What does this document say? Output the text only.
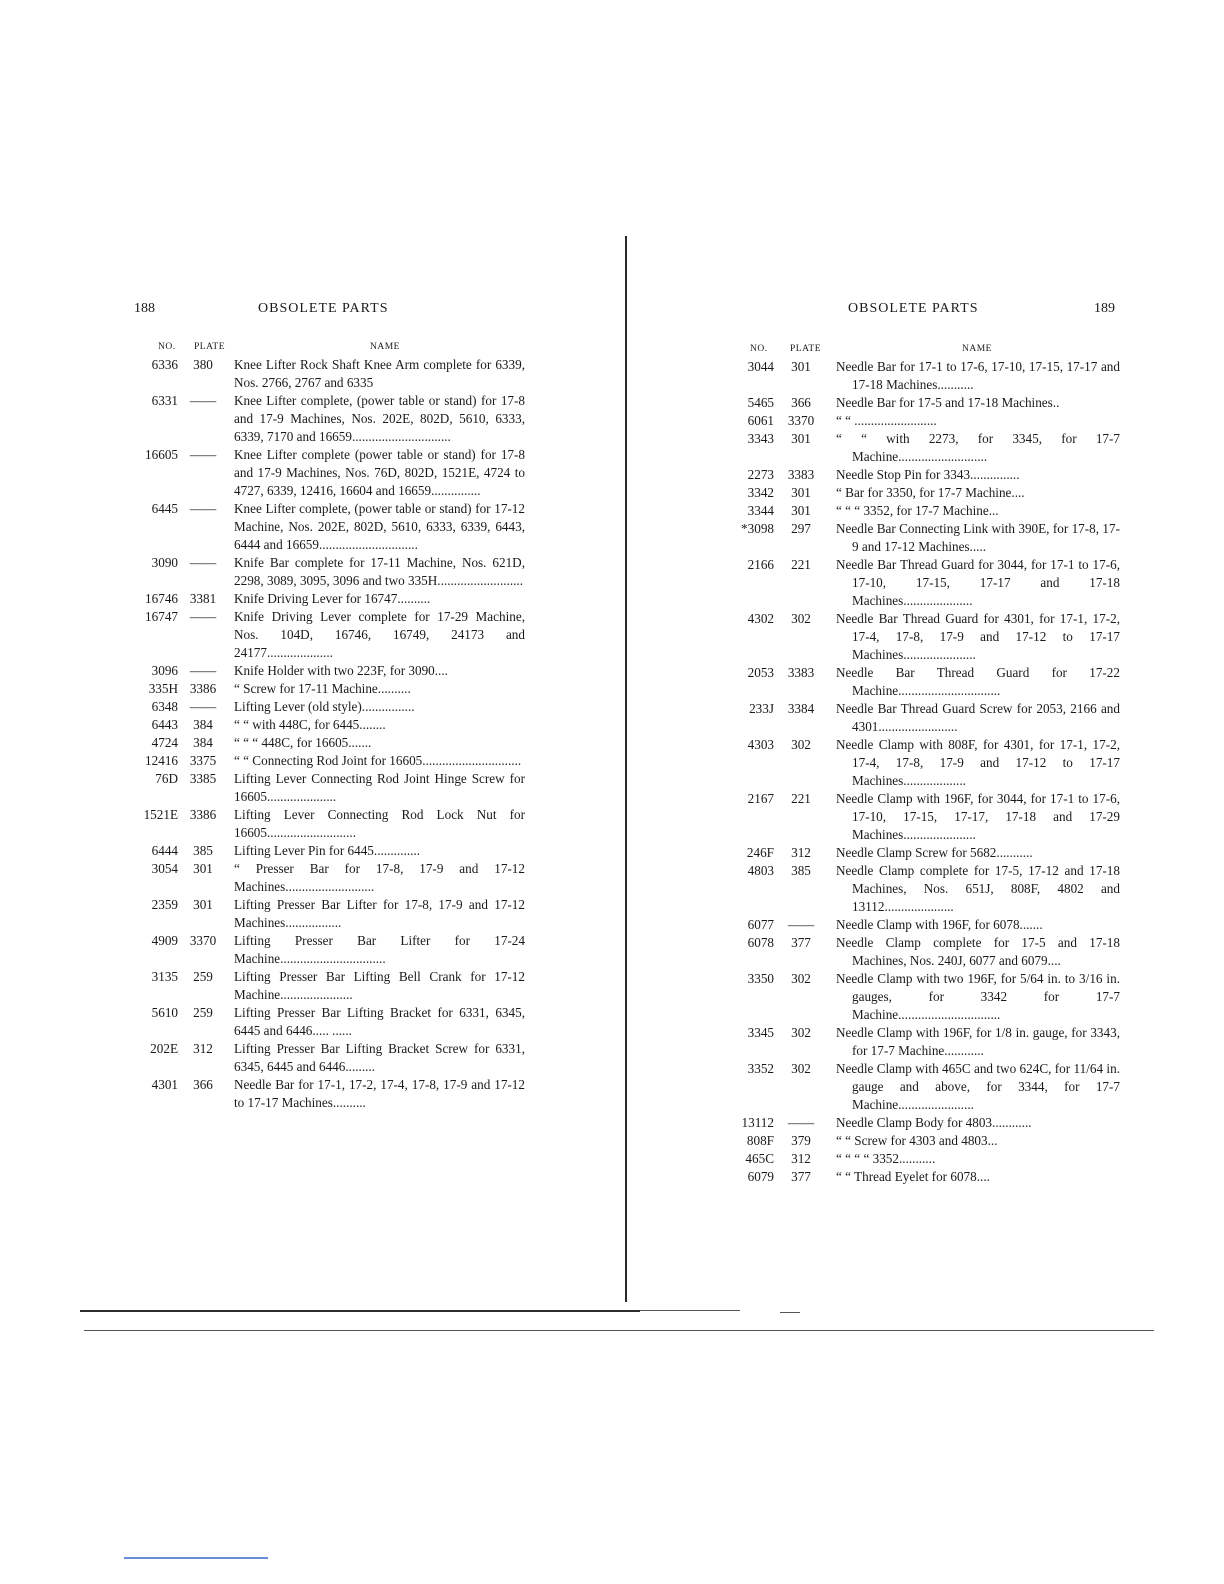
188	OBSOLETE PARTS
NO. PLATE	NAME
6336	380	Knee Lifter Rock Shaft Knee Arm complete for 6339, Nos. 2766, 2767 and 6335
6331 ——	Knee Lifter complete, (power table or stand) for 17-8 and 17-9 Machines, Nos. 202E, 802D, 5610, 6333, 6339, 7170 and 16659..............................
16605 ——	Knee Lifter complete (power table or stand) for 17-8 and 17-9 Machines, Nos. 76D, 802D, 1521E, 4724 to 4727, 6339, 12416, 16604 and 16659...............
6445 ——	Knee Lifter complete, (power table or stand) for 17-12 Machine, Nos. 202E, 802D, 5610, 6333, 6339, 6443, 6444 and 16659..............................
3090 ——	Knife Bar complete for 17-11 Machine, Nos. 621D, 2298, 3089, 3095, 3096 and two 335H..........................
16746 3381	Knife Driving Lever for 16747..........
16747 ——	Knife Driving Lever complete for 17-29 Machine, Nos. 104D, 16746, 16749, 24173 and 24177....................
3096 ——	Knife Holder with two 223F, for 3090....
335H 3386	“ Screw for 17-11 Machine..........
6348 ——	Lifting Lever (old style)................
6443	384	“ “ with 448C, for 6445........
4724	384	“ “ “ 448C, for 16605.......
12416 3375	“ “ Connecting Rod Joint for 16605..............................
76D 3385	Lifting Lever Connecting Rod Joint Hinge Screw for 16605.....................
1521E 3386	Lifting Lever Connecting Rod Lock Nut for 16605...........................
6444	385	Lifting Lever Pin for 6445..............
3054	301	“ Presser Bar for 17-8, 17-9 and 17-12 Machines...........................
2359	301	Lifting Presser Bar Lifter for 17-8, 17-9 and 17-12 Machines.................
4909 3370	Lifting Presser Bar Lifter for 17-24 Machine................................
3135	259	Lifting Presser Bar Lifting Bell Crank for 17-12 Machine......................
5610	259	Lifting Presser Bar Lifting Bracket for 6331, 6345, 6445 and 6446..... ......
202E	312	Lifting Presser Bar Lifting Bracket Screw for 6331, 6345, 6445 and 6446.........
4301	366	Needle Bar for 17-1, 17-2, 17-4, 17-8, 17-9 and 17-12 to 17-17 Machines..........
OBSOLETE PARTS	189
NO. PLATE	NAME
3044	301	Needle Bar for 17-1 to 17-6, 17-10, 17-15, 17-17 and 17-18 Machines...........
5465	366	Needle Bar for 17-5 and 17-18 Machines..
6061	3370	“ “ .........................
3343	301	“ “ with 2273, for 3345, for 17-7 Machine...........................
2273	3383	Needle Stop Pin for 3343...............
3342	301	“ Bar for 3350, for 17-7 Machine....
3344	301	“ “ “ 3352, for 17-7 Machine...
*3098	297	Needle Bar Connecting Link with 390E, for 17-8, 17-9 and 17-12 Machines.....
2166	221	Needle Bar Thread Guard for 3044, for 17-1 to 17-6, 17-10, 17-15, 17-17 and 17-18 Machines.....................
4302	302	Needle Bar Thread Guard for 4301, for 17-1, 17-2, 17-4, 17-8, 17-9 and 17-12 to 17-17 Machines......................
2053	3383	Needle Bar Thread Guard for 17-22 Machine...............................
233J	3384	Needle Bar Thread Guard Screw for 2053, 2166 and 4301........................
4303	302	Needle Clamp with 808F, for 4301, for 17-1, 17-2, 17-4, 17-8, 17-9 and 17-12 to 17-17 Machines...................
2167	221	Needle Clamp with 196F, for 3044, for 17-1 to 17-6, 17-10, 17-15, 17-17, 17-18 and 17-29 Machines......................
246F	312	Needle Clamp Screw for 5682...........
4803	385	Needle Clamp complete for 17-5, 17-12 and 17-18 Machines, Nos. 651J, 808F, 4802 and 13112.....................
6077	——	Needle Clamp with 196F, for 6078.......
6078	377	Needle Clamp complete for 17-5 and 17-18 Machines, Nos. 240J, 6077 and 6079....
3350	302	Needle Clamp with two 196F, for 5/64 in. to 3/16 in. gauges, for 3342 for 17-7 Machine...............................
3345	302	Needle Clamp with 196F, for 1/8 in. gauge, for 3343, for 17-7 Machine............
3352	302	Needle Clamp with 465C and two 624C, for 11/64 in. gauge and above, for 3344, for 17-7 Machine.......................
13112	——	Needle Clamp Body for 4803............
808F	379	“ “ Screw for 4303 and 4803...
465C	312	“ “ “ “ 3352...........
6079	377	“ “ Thread Eyelet for 6078....
